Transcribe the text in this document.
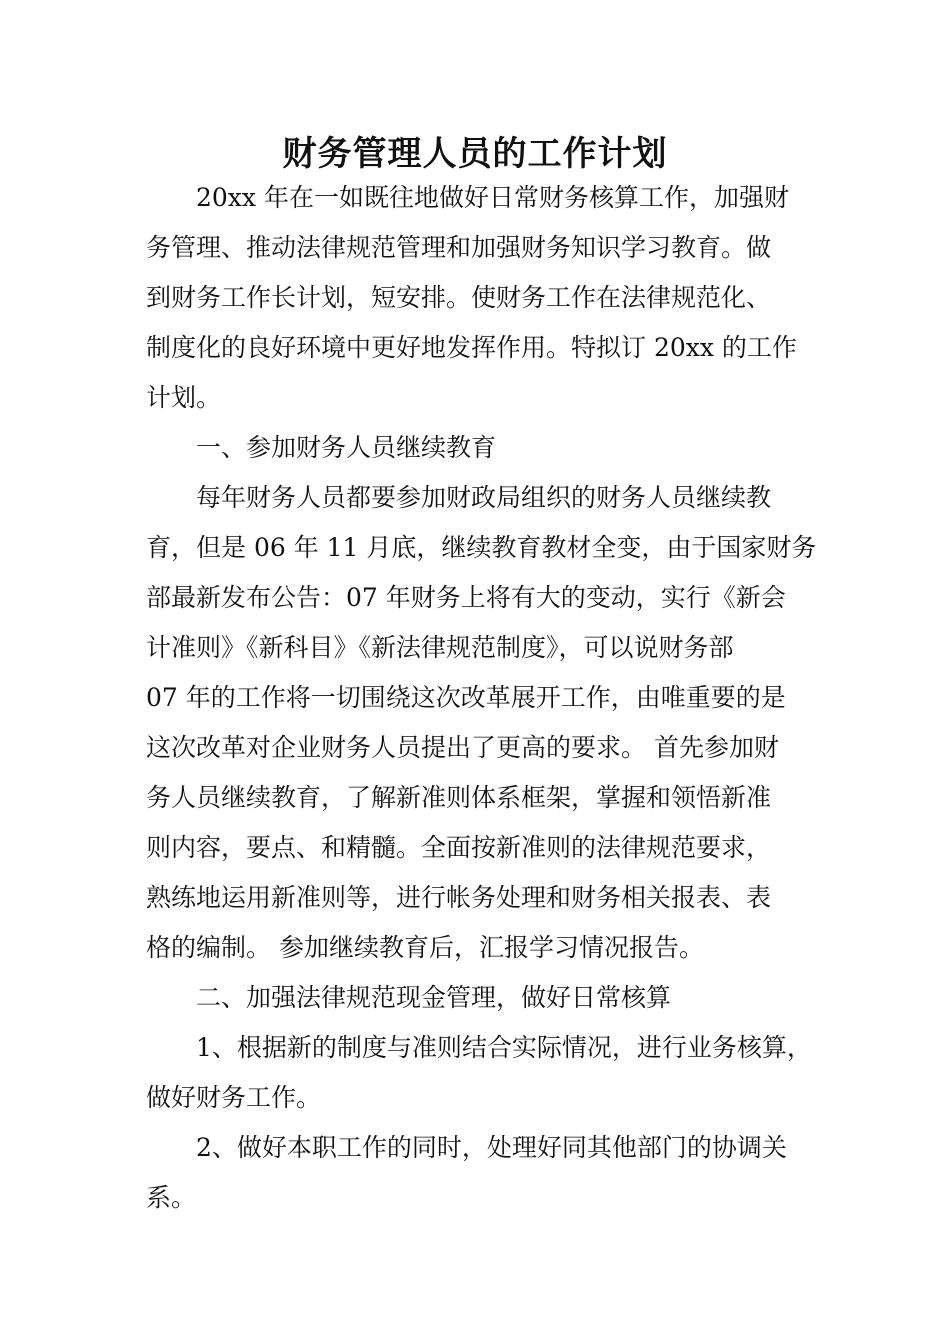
财务管理人员的工作计划

20xx 年在一如既往地做好日常财务核算工作，加强财

务管理、推动法律规范管理和加强财务知识学习教育。做

到财务工作长计划，短安排。使财务工作在法律规范化、

制度化的良好环境中更好地发挥作用。特拟订 20xx 的工作

计划。

一、参加财务人员继续教育

每年财务人员都要参加财政局组织的财务人员继续教

育，但是 06 年 11 月底，继续教育教材全变，由于国家财务

部最新发布公告：07 年财务上将有大的变动，实行《新会

计准则》《新科目》《新法律规范制度》，可以说财务部

07 年的工作将一切围绕这次改革展开工作，由唯重要的是

这次改革对企业财务人员提出了更高的要求。 首先参加财

务人员继续教育，了解新准则体系框架，掌握和领悟新准

则内容，要点、和精髓。全面按新准则的法律规范要求，

熟练地运用新准则等，进行帐务处理和财务相关报表、表

格的编制。 参加继续教育后，汇报学习情况报告。

二、加强法律规范现金管理，做好日常核算

1、根据新的制度与准则结合实际情况，进行业务核算，

做好财务工作。

2、做好本职工作的同时，处理好同其他部门的协调关

系。
